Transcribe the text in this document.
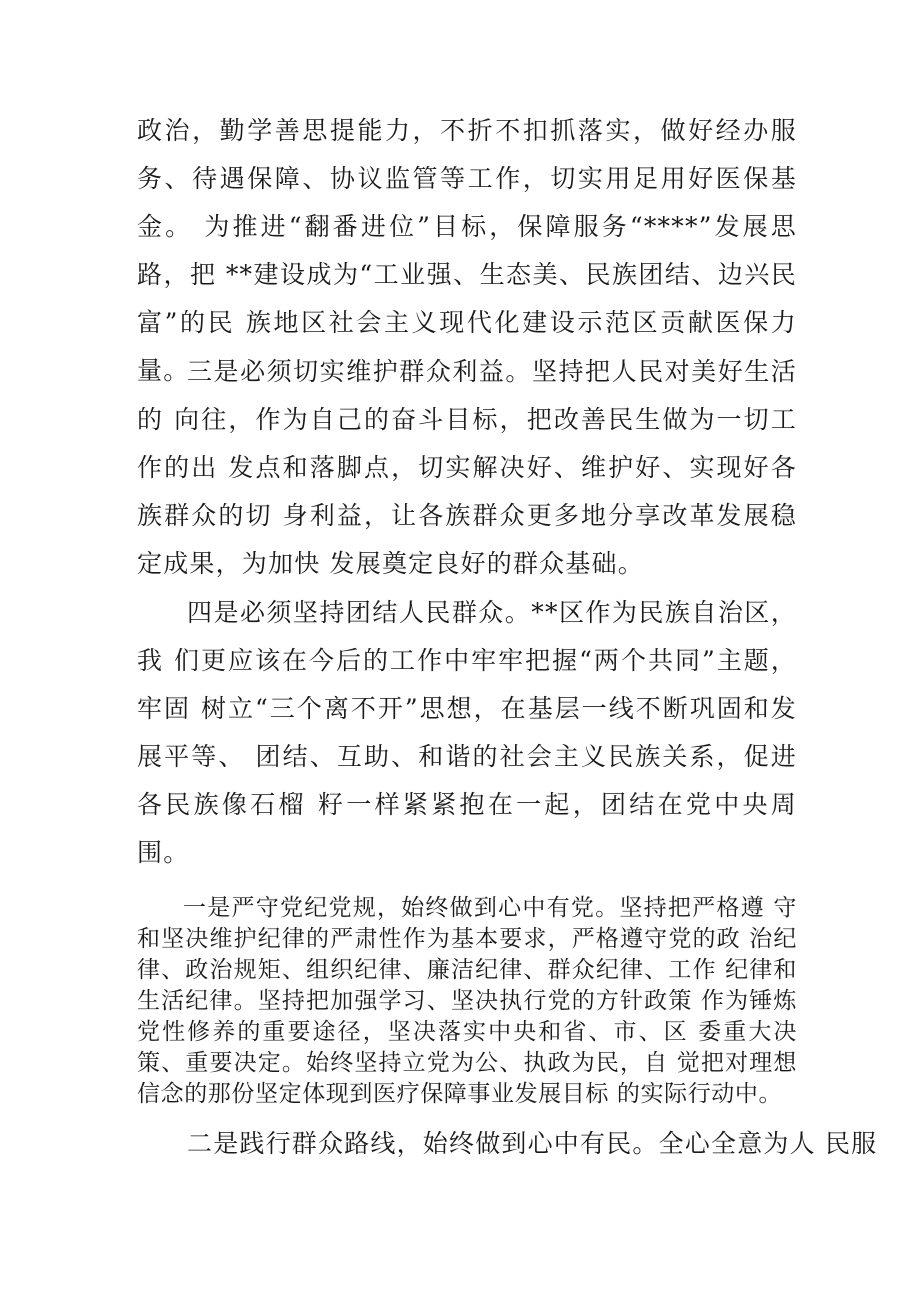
政治，勤学善思提能力，不折不扣抓落实，做好经办服 务、待遇保障、协议监管等工作，切实用足用好医保基金。 为推进“翻番进位”目标，保障服务“****”发展思路，把 **建设成为“工业强、生态美、民族团结、边兴民富”的民 族地区社会主义现代化建设示范区贡献医保力量。

三是必须切实维护群众利益。坚持把人民对美好生活的 向往，作为自己的奋斗目标，把改善民生做为一切工作的出 发点和落脚点，切实解决好、维护好、实现好各族群众的切 身利益，让各族群众更多地分享改革发展稳定成果，为加快 发展奠定良好的群众基础。

四是必须坚持团结人民群众。**区作为民族自治区，我 们更应该在今后的工作中牢牢把握“两个共同”主题，牢固 树立“三个离不开”思想，在基层一线不断巩固和发展平等、 团结、互助、和谐的社会主义民族关系，促进各民族像石榴 籽一样紧紧抱在一起，团结在党中央周围。

一是严守党纪党规，始终做到心中有党。坚持把严格遵 守和坚决维护纪律的严肃性作为基本要求，严格遵守党的政 治纪律、政治规矩、组织纪律、廉洁纪律、群众纪律、工作 纪律和生活纪律。坚持把加强学习、坚决执行党的方针政策 作为锤炼党性修养的重要途径，坚决落实中央和省、市、区 委重大决策、重要决定。始终坚持立党为公、执政为民，自 觉把对理想信念的那份坚定体现到医疗保障事业发展目标 的实际行动中。

二是践行群众路线，始终做到心中有民。全心全意为人 民服
